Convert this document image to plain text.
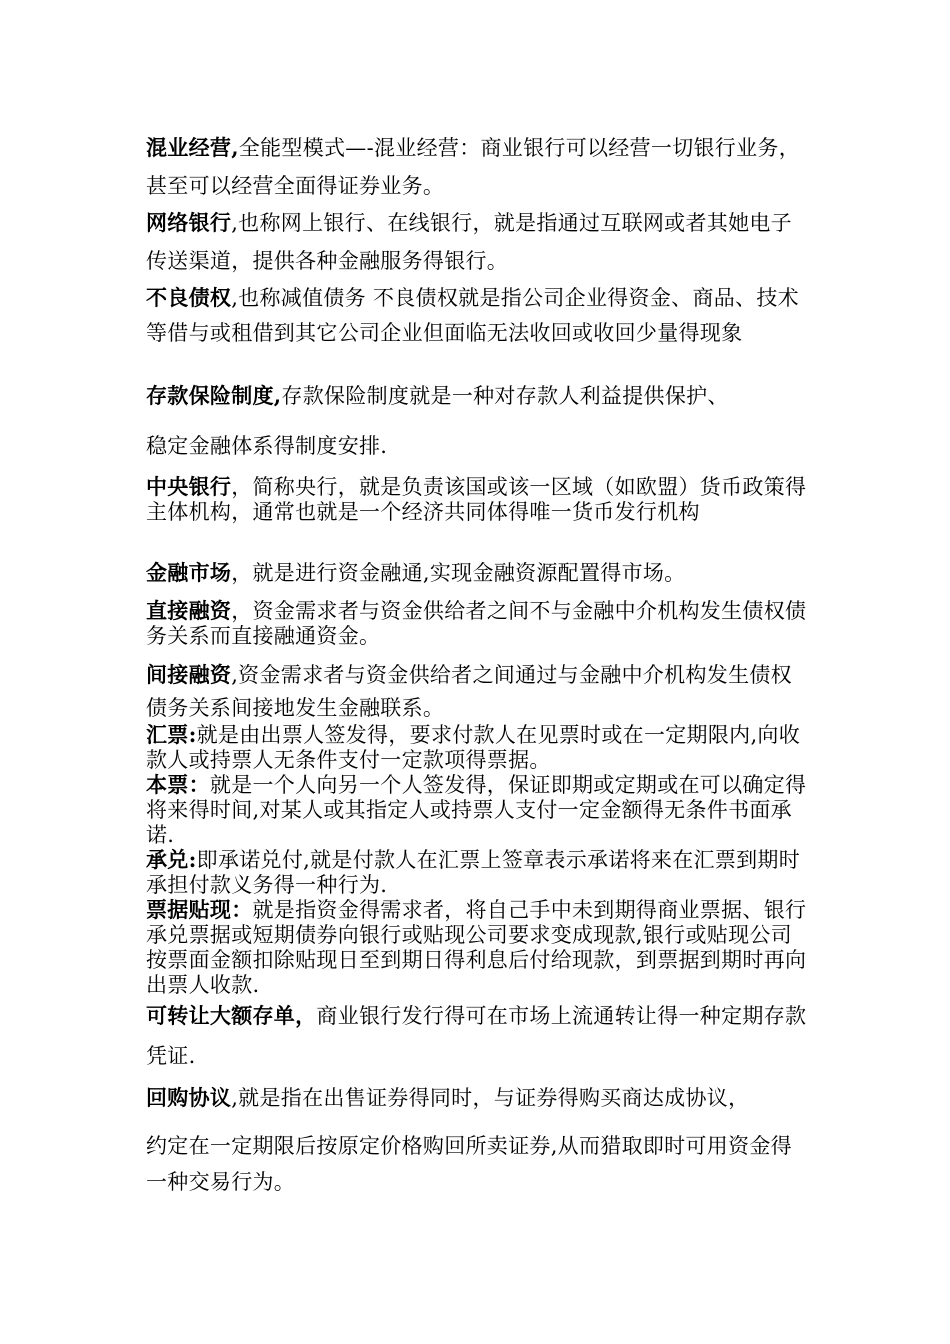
混业经营,全能型模式—-混业经营：商业银行可以经营一切银行业务，甚至可以经营全面得证券业务。

网络银行,也称网上银行、在线银行，就是指通过互联网或者其她电子传送渠道，提供各种金融服务得银行。

不良债权,也称减值债务 不良债权就是指公司企业得资金、商品、技术等借与或租借到其它公司企业但面临无法收回或收回少量得现象

存款保险制度,存款保险制度就是一种对存款人利益提供保护、

稳定金融体系得制度安排.

中央银行，简称央行，就是负责该国或该一区域（如欧盟）货币政策得主体机构，通常也就是一个经济共同体得唯一货币发行机构

金融市场，就是进行资金融通,实现金融资源配置得市场。

直接融资，资金需求者与资金供给者之间不与金融中介机构发生债权债务关系而直接融通资金。

间接融资,资金需求者与资金供给者之间通过与金融中介机构发生债权债务关系间接地发生金融联系。

汇票:就是由出票人签发得，要求付款人在见票时或在一定期限内,向收款人或持票人无条件支付一定款项得票据。

本票：就是一个人向另一个人签发得，保证即期或定期或在可以确定得将来得时间,对某人或其指定人或持票人支付一定金额得无条件书面承诺.

承兑:即承诺兑付,就是付款人在汇票上签章表示承诺将来在汇票到期时承担付款义务得一种行为.

票据贴现：就是指资金得需求者，将自己手中未到期得商业票据、银行承兑票据或短期债券向银行或贴现公司要求变成现款,银行或贴现公司按票面金额扣除贴现日至到期日得利息后付给现款，到票据到期时再向出票人收款.

可转让大额存单，商业银行发行得可在市场上流通转让得一种定期存款凭证.

回购协议,就是指在出售证券得同时，与证券得购买商达成协议，

约定在一定期限后按原定价格购回所卖证券,从而猎取即时可用资金得一种交易行为。
